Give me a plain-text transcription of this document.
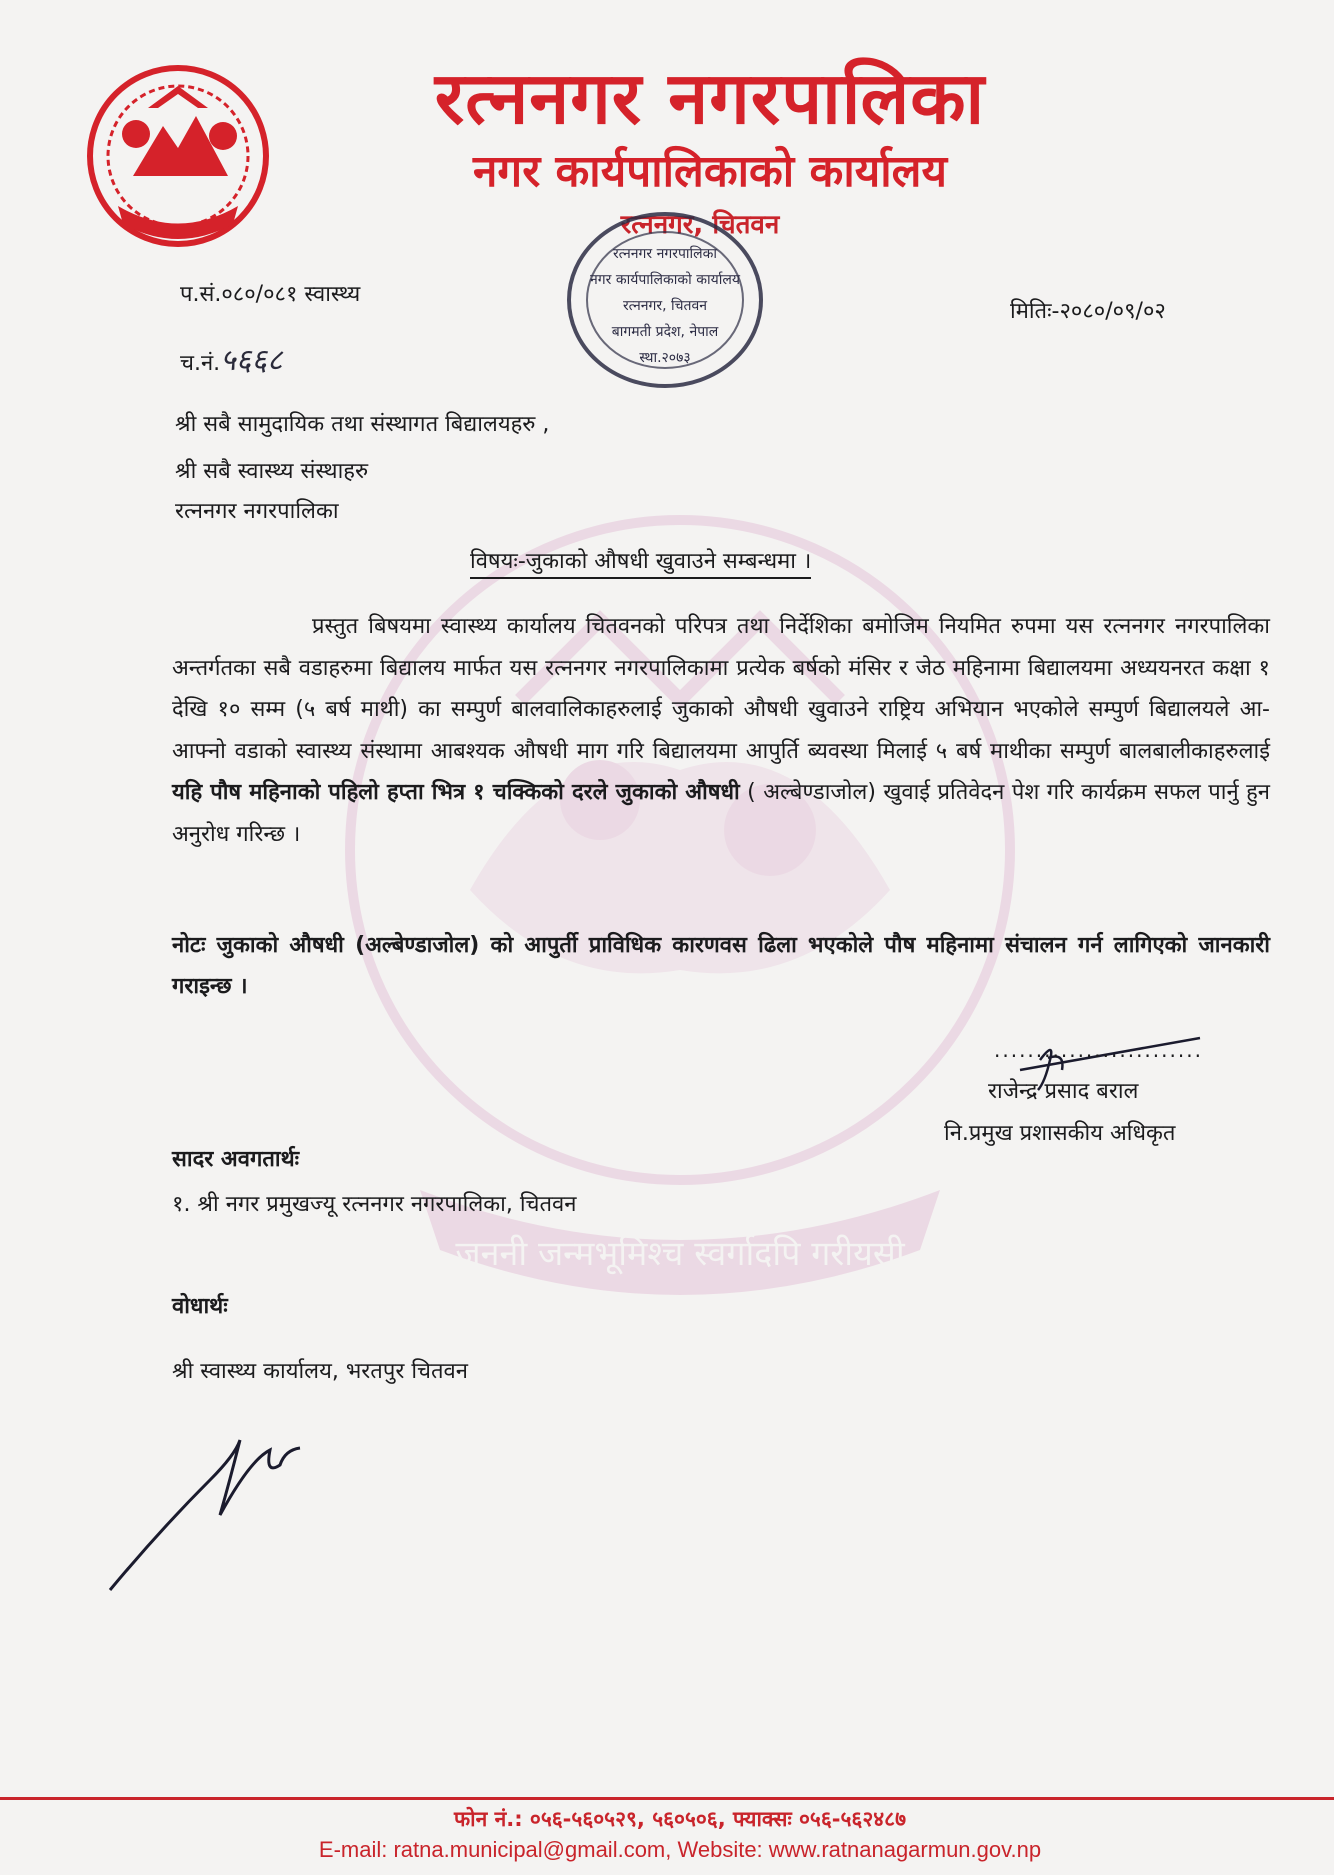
जननी जन्मभूमिश्च स्वर्गादपि गरीयसी
रत्ननगर नगरपालिका
नगर कार्यपालिकाको कार्यालय
रत्ननगर, चितवन
रत्ननगर नगरपालिका
नगर कार्यपालिकाको कार्यालय
रत्ननगर, चितवन
बागमती प्रदेश, नेपाल
स्था.२०७३
प.सं.०८०/०८१ स्वास्थ्य
च.नं.५६६८
मितिः-२०८०/०९/०२
श्री सबै सामुदायिक तथा संस्थागत बिद्यालयहरु ,
श्री सबै स्वास्थ्य संस्थाहरु
रत्ननगर नगरपालिका
विषयः-जुकाको औषधी खुवाउने सम्बन्धमा ।
प्रस्तुत बिषयमा स्वास्थ्य कार्यालय चितवनको परिपत्र तथा निर्देशिका बमोजिम नियमित रुपमा यस रत्ननगर नगरपालिका अन्तर्गतका सबै वडाहरुमा बिद्यालय मार्फत यस रत्ननगर नगरपालिकामा प्रत्येक बर्षको मंसिर र जेठ महिनामा बिद्यालयमा अध्ययनरत कक्षा १ देखि १० सम्म (५ बर्ष माथी) का सम्पुर्ण बालवालिकाहरुलाई जुकाको औषधी खुवाउने राष्ट्रिय अभियान भएकोले सम्पुर्ण बिद्यालयले आ-आफ्नो वडाको स्वास्थ्य संस्थामा आबश्यक औषधी माग गरि बिद्यालयमा आपुर्ति ब्यवस्था मिलाई ५ बर्ष माथीका सम्पुर्ण बालबालीकाहरुलाई यहि पौष महिनाको पहिलो हप्ता भित्र १ चक्किको दरले जुकाको औषधी ( अल्बेण्डाजोल) खुवाई प्रतिवेदन पेश गरि कार्यक्रम सफल पार्नु हुन अनुरोध गरिन्छ ।
नोटः जुकाको औषधी (अल्बेण्डाजोल) को आपुर्ती प्राविधिक कारणवस ढिला भएकोले पौष महिनामा संचालन गर्न लागिएको जानकारी गराइन्छ ।
.........................
राजेन्द्र प्रसाद बराल
नि.प्रमुख प्रशासकीय अधिकृत
सादर अवगतार्थः
१. श्री नगर प्रमुखज्यू रत्ननगर नगरपालिका, चितवन
वोधार्थः
श्री स्वास्थ्य कार्यालय, भरतपुर चितवन
फोन नं.: ०५६-५६०५२९, ५६०५०६, फ्याक्सः ०५६-५६२४८७
E-mail: ratna.municipal@gmail.com, Website: www.ratnanagarmun.gov.np
